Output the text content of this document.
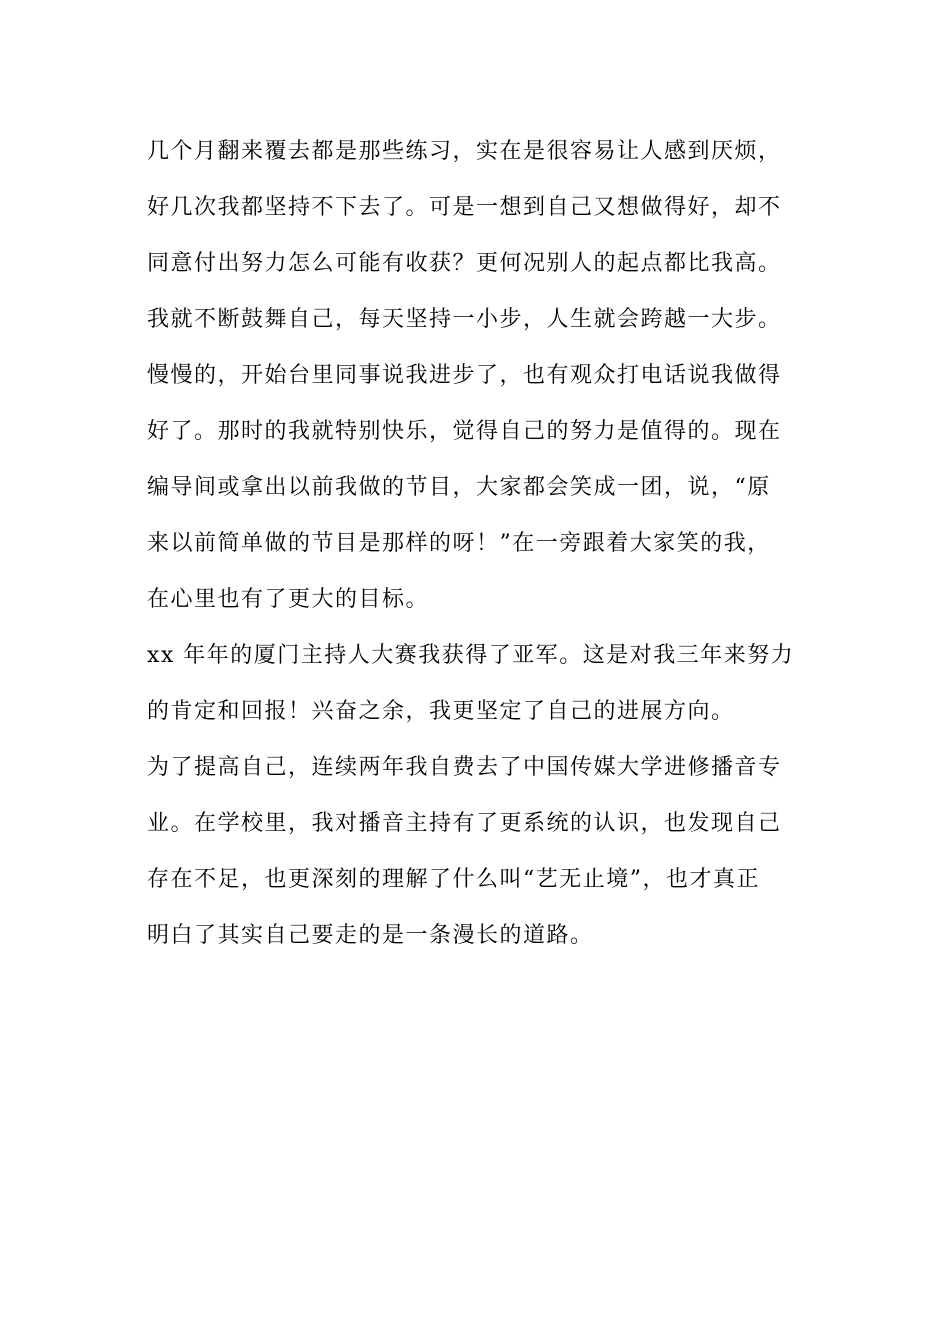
几个月翻来覆去都是那些练习，实在是很容易让人感到厌烦，
好几次我都坚持不下去了。可是一想到自己又想做得好，却不
同意付出努力怎么可能有收获？更何况别人的起点都比我高。
我就不断鼓舞自己，每天坚持一小步，人生就会跨越一大步。
慢慢的，开始台里同事说我进步了，也有观众打电话说我做得
好了。那时的我就特别快乐，觉得自己的努力是值得的。现在
编导间或拿出以前我做的节目，大家都会笑成一团，说，“原
来以前简单做的节目是那样的呀！”在一旁跟着大家笑的我，
在心里也有了更大的目标。
xx 年年的厦门主持人大赛我获得了亚军。这是对我三年来努力
的肯定和回报！兴奋之余，我更坚定了自己的进展方向。
为了提高自己，连续两年我自费去了中国传媒大学进修播音专
业。在学校里，我对播音主持有了更系统的认识，也发现自己
存在不足，也更深刻的理解了什么叫“艺无止境”，也才真正
明白了其实自己要走的是一条漫长的道路。
